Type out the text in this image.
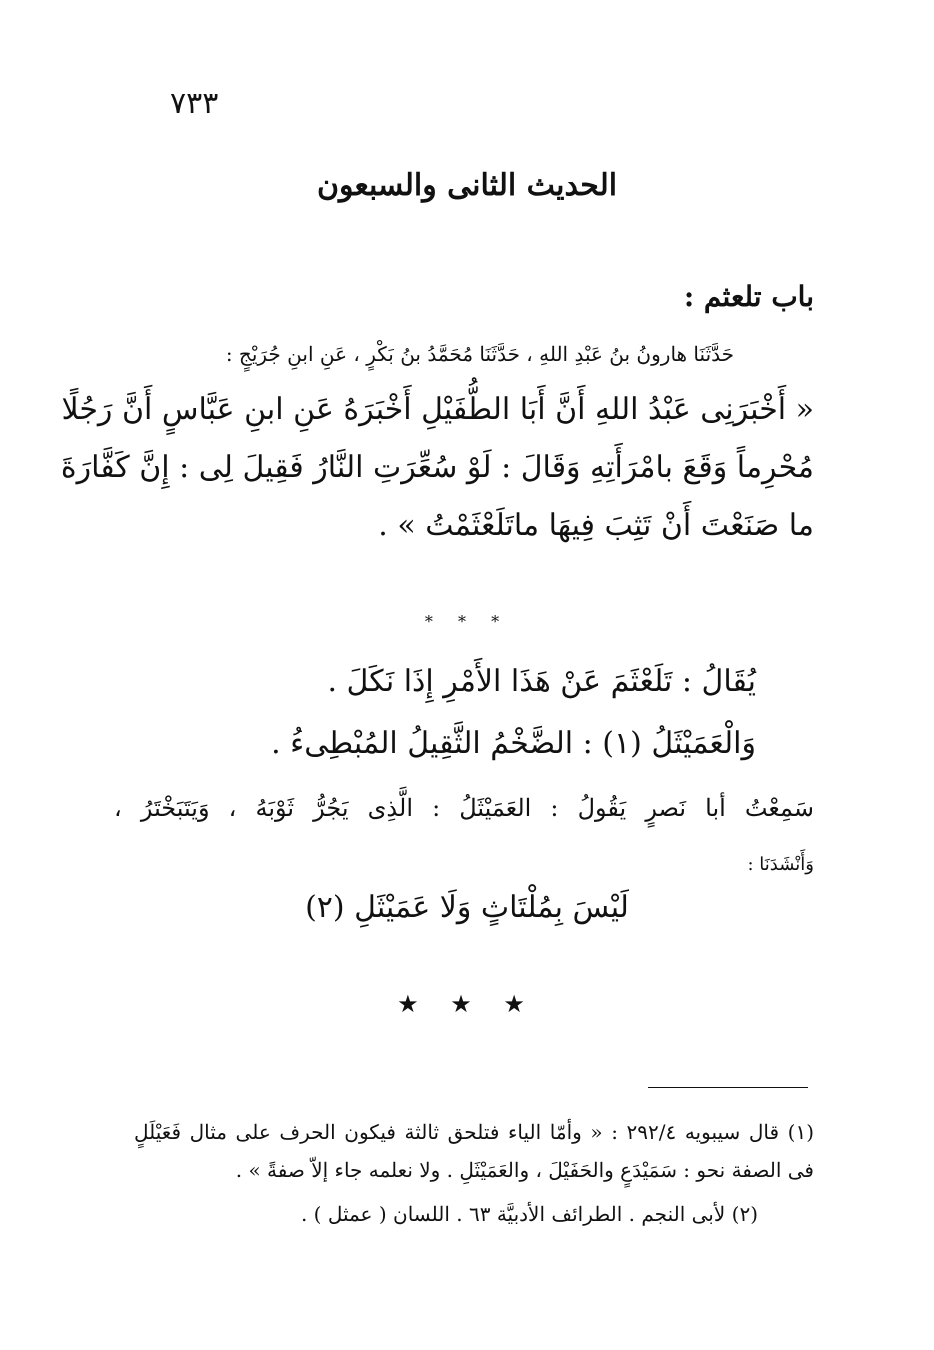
٧٣٣
الحديث الثانى والسبعون
باب تلعثم :
حَدَّثَنَا هارونُ بنُ عَبْدِ اللهِ ، حَدَّثَنَا مُحَمَّدُ بنُ بَكْرٍ ، عَنِ ابنِ جُرَيْجٍ :
« أَخْبَرَنِى عَبْدُ اللهِ أَنَّ أَبَا الطُّفَيْلِ أَخْبَرَهُ عَنِ ابنِ عَبَّاسٍ أَنَّ رَجُلًا
مُحْرِماً وَقَعَ بامْرَأَتِهِ وَقَالَ : لَوْ سُعِّرَتِ النَّارُ فَقِيلَ لِى : إِنَّ كَفَّارَةَ
ما صَنَعْتَ أَنْ تَثِبَ فِيهَا ماتَلَعْثَمْتُ » .
* * *
يُقَالُ : تَلَعْثَمَ عَنْ هَذَا الأَمْرِ إِذَا نَكَلَ .
وَالْعَمَيْثَلُ (١) : الضَّخْمُ الثَّقِيلُ المُبْطِىءُ .
سَمِعْتُ أبا نَصرٍ يَقُولُ : العَمَيْثَلُ : الَّذِى يَجُرُّ ثَوْبَهُ ، وَيَتَبَخْتَرُ ،
وَأَنْشَدَنَا :
لَيْسَ بِمُلْتَاثٍ وَلَا عَمَيْثَلِ (٢)
★ ★ ★
(١) قال سيبويه ٢٩٢/٤ : « وأمّا الياء فتلحق ثالثة فيكون الحرف على مثال فَعَيْلَلٍ
فى الصفة نحو : سَمَيْدَعٍ والحَفَيْلَ ، والعَمَيْثَلِ . ولا نعلمه جاء إلاّ صفةً » .
(٢) لأبى النجم . الطرائف الأدبيَّة ٦٣ . اللسان ( عمثل ) .
